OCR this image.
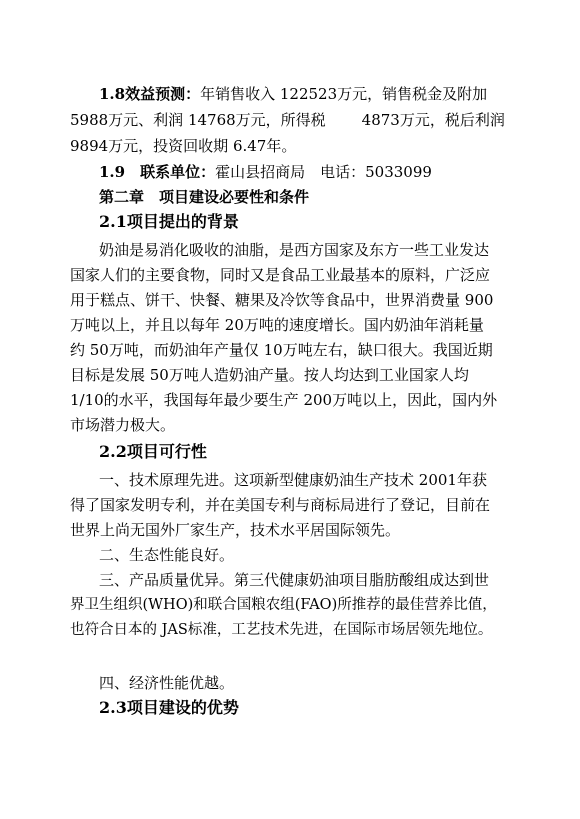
1.8效益预测：年销售收入 122523万元，销售税金及附加
5988万元、利润 14768万元，所得税 4873万元，税后利润
9894万元，投资回收期 6.47年。
1.9　联系单位：霍山县招商局　电话：5033099
第二章　项目建设必要性和条件
2.1项目提出的背景
奶油是易消化吸收的油脂，是西方国家及东方一些工业发达
国家人们的主要食物，同时又是食品工业最基本的原料，广泛应
用于糕点、饼干、快餐、糖果及冷饮等食品中，世界消费量 900
万吨以上，并且以每年 20万吨的速度增长。国内奶油年消耗量
约 50万吨，而奶油年产量仅 10万吨左右，缺口很大。我国近期
目标是发展 50万吨人造奶油产量。按人均达到工业国家人均
1/10的水平，我国每年最少要生产 200万吨以上，因此，国内外
市场潜力极大。
2.2项目可行性
一、技术原理先进。这项新型健康奶油生产技术 2001年获
得了国家发明专利，并在美国专利与商标局进行了登记，目前在
世界上尚无国外厂家生产，技术水平居国际领先。
二、生态性能良好。
三、产品质量优异。第三代健康奶油项目脂肪酸组成达到世
界卫生组织(WHO)和联合国粮农组(FAO)所推荐的最佳营养比值，
也符合日本的 JAS标准，工艺技术先进，在国际市场居领先地位。
四、经济性能优越。
2.3项目建设的优势
